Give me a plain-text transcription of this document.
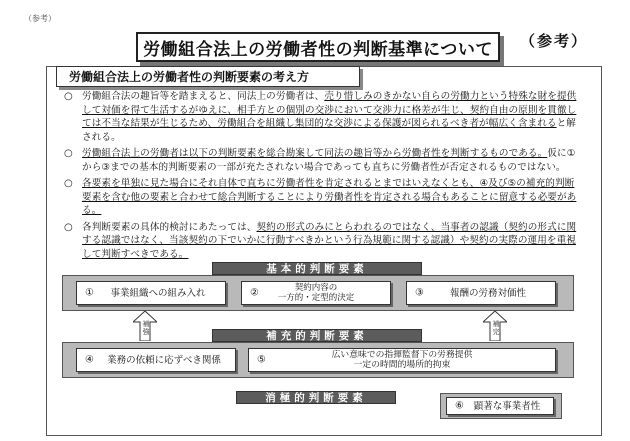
（参考）
労働組合法上の労働者性の判断基準について	（参考）
労働組合法上の労働者性の判断要素の考え方
○ 労働組合法の趣旨等を踏まえると、同法上の労働者は、売り惜しみのきかない自らの労働力という特殊な財を提供して対価を得て生活するがゆえに、相手方との個別の交渉において交渉力に格差が生じ、契約自由の原則を貫徹しては不当な結果が生じるため、労働組合を組織し集団的な交渉による保護が図られるべき者が幅広く含まれると解される。
○ 労働組合法上の労働者は以下の判断要素を総合勘案して同法の趣旨等から労働者性を判断するものである。仮に①から③までの基本的判断要素の一部が充たされない場合であっても直ちに労働者性が否定されるものではない。
○ 各要素を単独に見た場合にそれ自体で直ちに労働者性を肯定されるとまではいえなくとも、④及び⑤の補充的判断要素を含む他の要素と合わせて総合判断することにより労働者性を肯定される場合もあることに留意する必要がある。
○ 各判断要素の具体的検討にあたっては、契約の形式のみにとらわれるのではなく、当事者の認識（契約の形式に関する認識ではなく、当該契約の下でいかに行動すべきかという行為規範に関する認識）や契約の実際の運用を重視して判断すべきである。
基本的判断要素
①	事業組織への組み入れ	②	契約内容の
一方的・定型的決定	③	報酬の労務対価性
補強	補完
補充的判断要素
④	業務の依頼に応ずべき関係	⑤	広い意味での指揮監督下の労務提供
一定の時間的場所的拘束
消極的判断要素
⑥	顕著な事業者性
